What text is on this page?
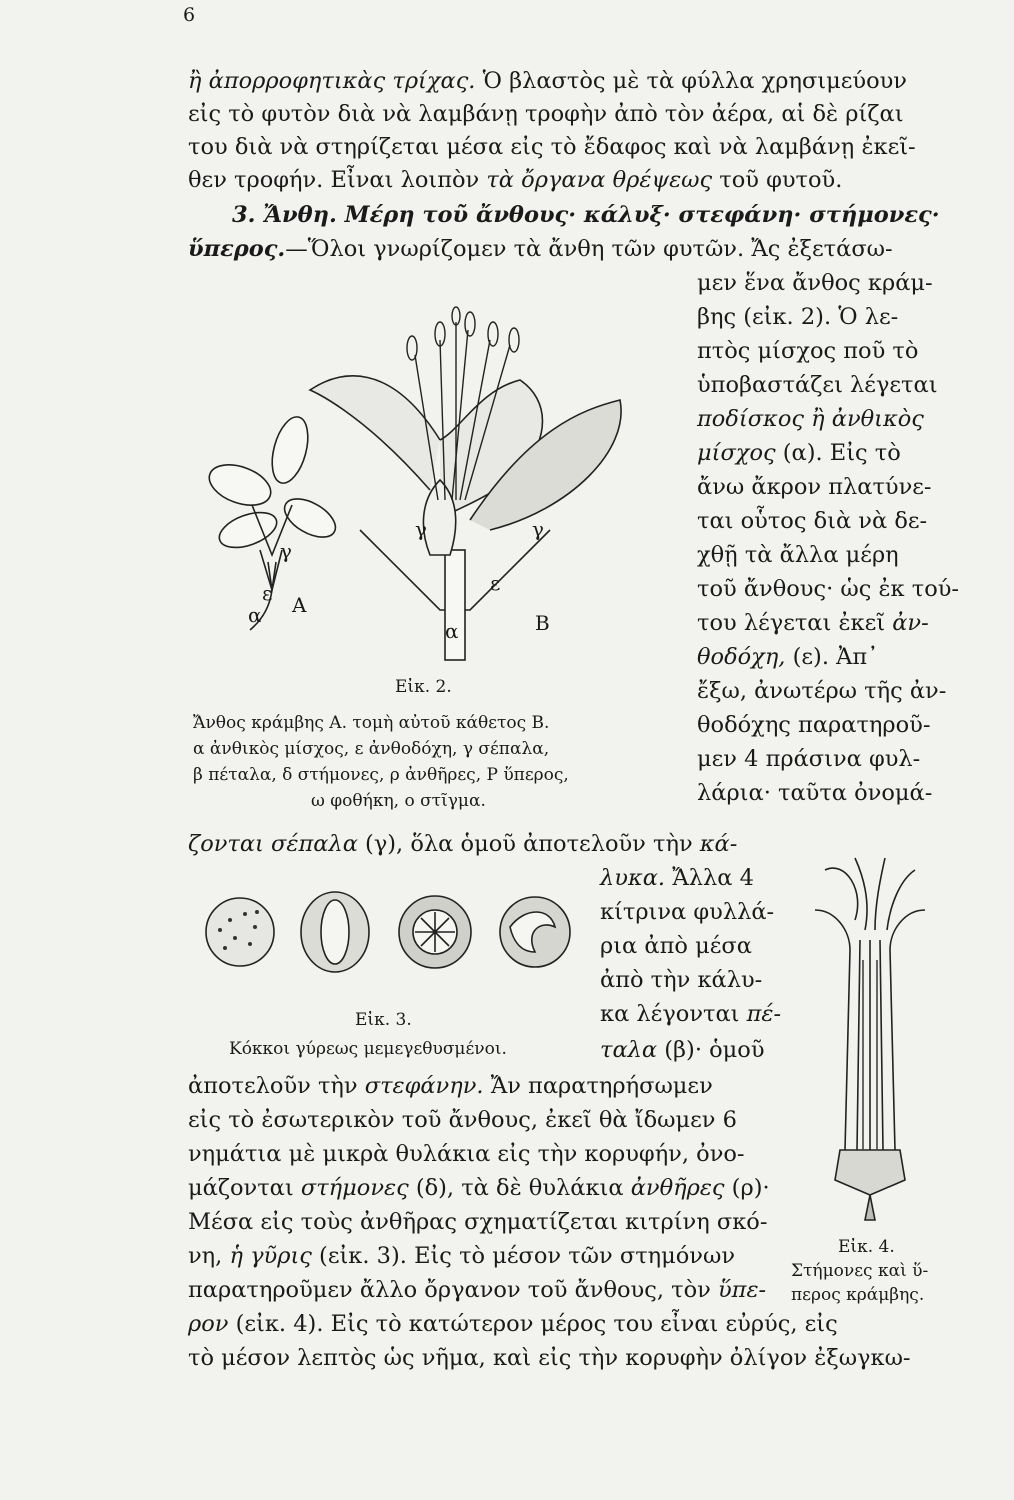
6
ἢ ἀπορροφητικὰς τρίχας. Ὁ βλαστὸς μὲ τὰ φύλλα χρησιμεύουν
εἰς τὸ φυτὸν διὰ νὰ λαμβάνῃ τροφὴν ἀπὸ τὸν ἀέρα, αἱ δὲ ρίζαι
του διὰ νὰ στηρίζεται μέσα εἰς τὸ ἔδαφος καὶ νὰ λαμβάνῃ ἐκεῖ-
θεν τροφήν. Εἶναι λοιπὸν τὰ ὄργανα θρέψεως τοῦ φυτοῦ.
3. Ἄνθη. Μέρη τοῦ ἄνθους· κάλυξ· στεφάνη· στήμονες·
ὕπερος.—Ὅλοι γνωρίζομεν τὰ ἄνθη τῶν φυτῶν. Ἄς ἐξετάσω-
μεν ἕνα ἄνθος κράμ-
βης (εἰκ. 2). Ὁ λε-
πτὸς μίσχος ποῦ τὸ
ὑποβαστάζει λέγεται
ποδίσκος ἢ ἀνθικὸς
μίσχος (α). Εἰς τὸ
ἄνω ἄκρον πλατύνε-
ται οὗτος διὰ νὰ δε-
χθῇ τὰ ἄλλα μέρη
τοῦ ἄνθους· ὡς ἐκ τού-
του λέγεται ἐκεῖ ἀν-
θοδόχη, (ε). Ἀπ᾽
ἔξω, ἀνωτέρω τῆς ἀν-
θοδόχης παρατηροῦ-
μεν 4 πράσινα φυλ-
λάρια· ταῦτα ὀνομά-
α A
ε
γ
ε
γ	γ
α	B
Εἰκ. 2.
Ἄνθος κράμβης Α. τομὴ αὐτοῦ κάθετος Β.
α ἀνθικὸς μίσχος, ε ἀνθοδόχη, γ σέπαλα,
β πέταλα, δ στήμονες, ρ ἀνθῆρες, Ρ ὕπερος,
ω φοθήκη, ο στῖγμα.
ζονται σέπαλα (γ), ὅλα ὁμοῦ ἀποτελοῦν τὴν κά-
λυκα. Ἄλλα 4
κίτρινα φυλλά-
ρια ἀπὸ μέσα
ἀπὸ τὴν κάλυ-
κα λέγονται πέ-
ταλα (β)· ὁμοῦ
Εἰκ. 3.
Κόκκοι γύρεως μεμεγεθυσμένοι.
Εἰκ. 4.
Στήμονες καὶ ὕ-
περος κράμβης.
ἀποτελοῦν τὴν στεφάνην. Ἄν παρατηρήσωμεν
εἰς τὸ ἐσωτερικὸν τοῦ ἄνθους, ἐκεῖ θὰ ἴδωμεν 6
νημάτια μὲ μικρὰ θυλάκια εἰς τὴν κορυφήν, ὀνο-
μάζονται στήμονες (δ), τὰ δὲ θυλάκια ἀνθῆρες (ρ)·
Μέσα εἰς τοὺς ἀνθῆρας σχηματίζεται κιτρίνη σκό-
νη, ἡ γῦρις (εἰκ. 3). Εἰς τὸ μέσον τῶν στημόνων
παρατηροῦμεν ἄλλο ὄργανον τοῦ ἄνθους, τὸν ὕπε-
ρον (εἰκ. 4). Εἰς τὸ κατώτερον μέρος του εἶναι εὐρύς, εἰς
τὸ μέσον λεπτὸς ὡς νῆμα, καὶ εἰς τὴν κορυφὴν ὀλίγον ἐξωγκω-
